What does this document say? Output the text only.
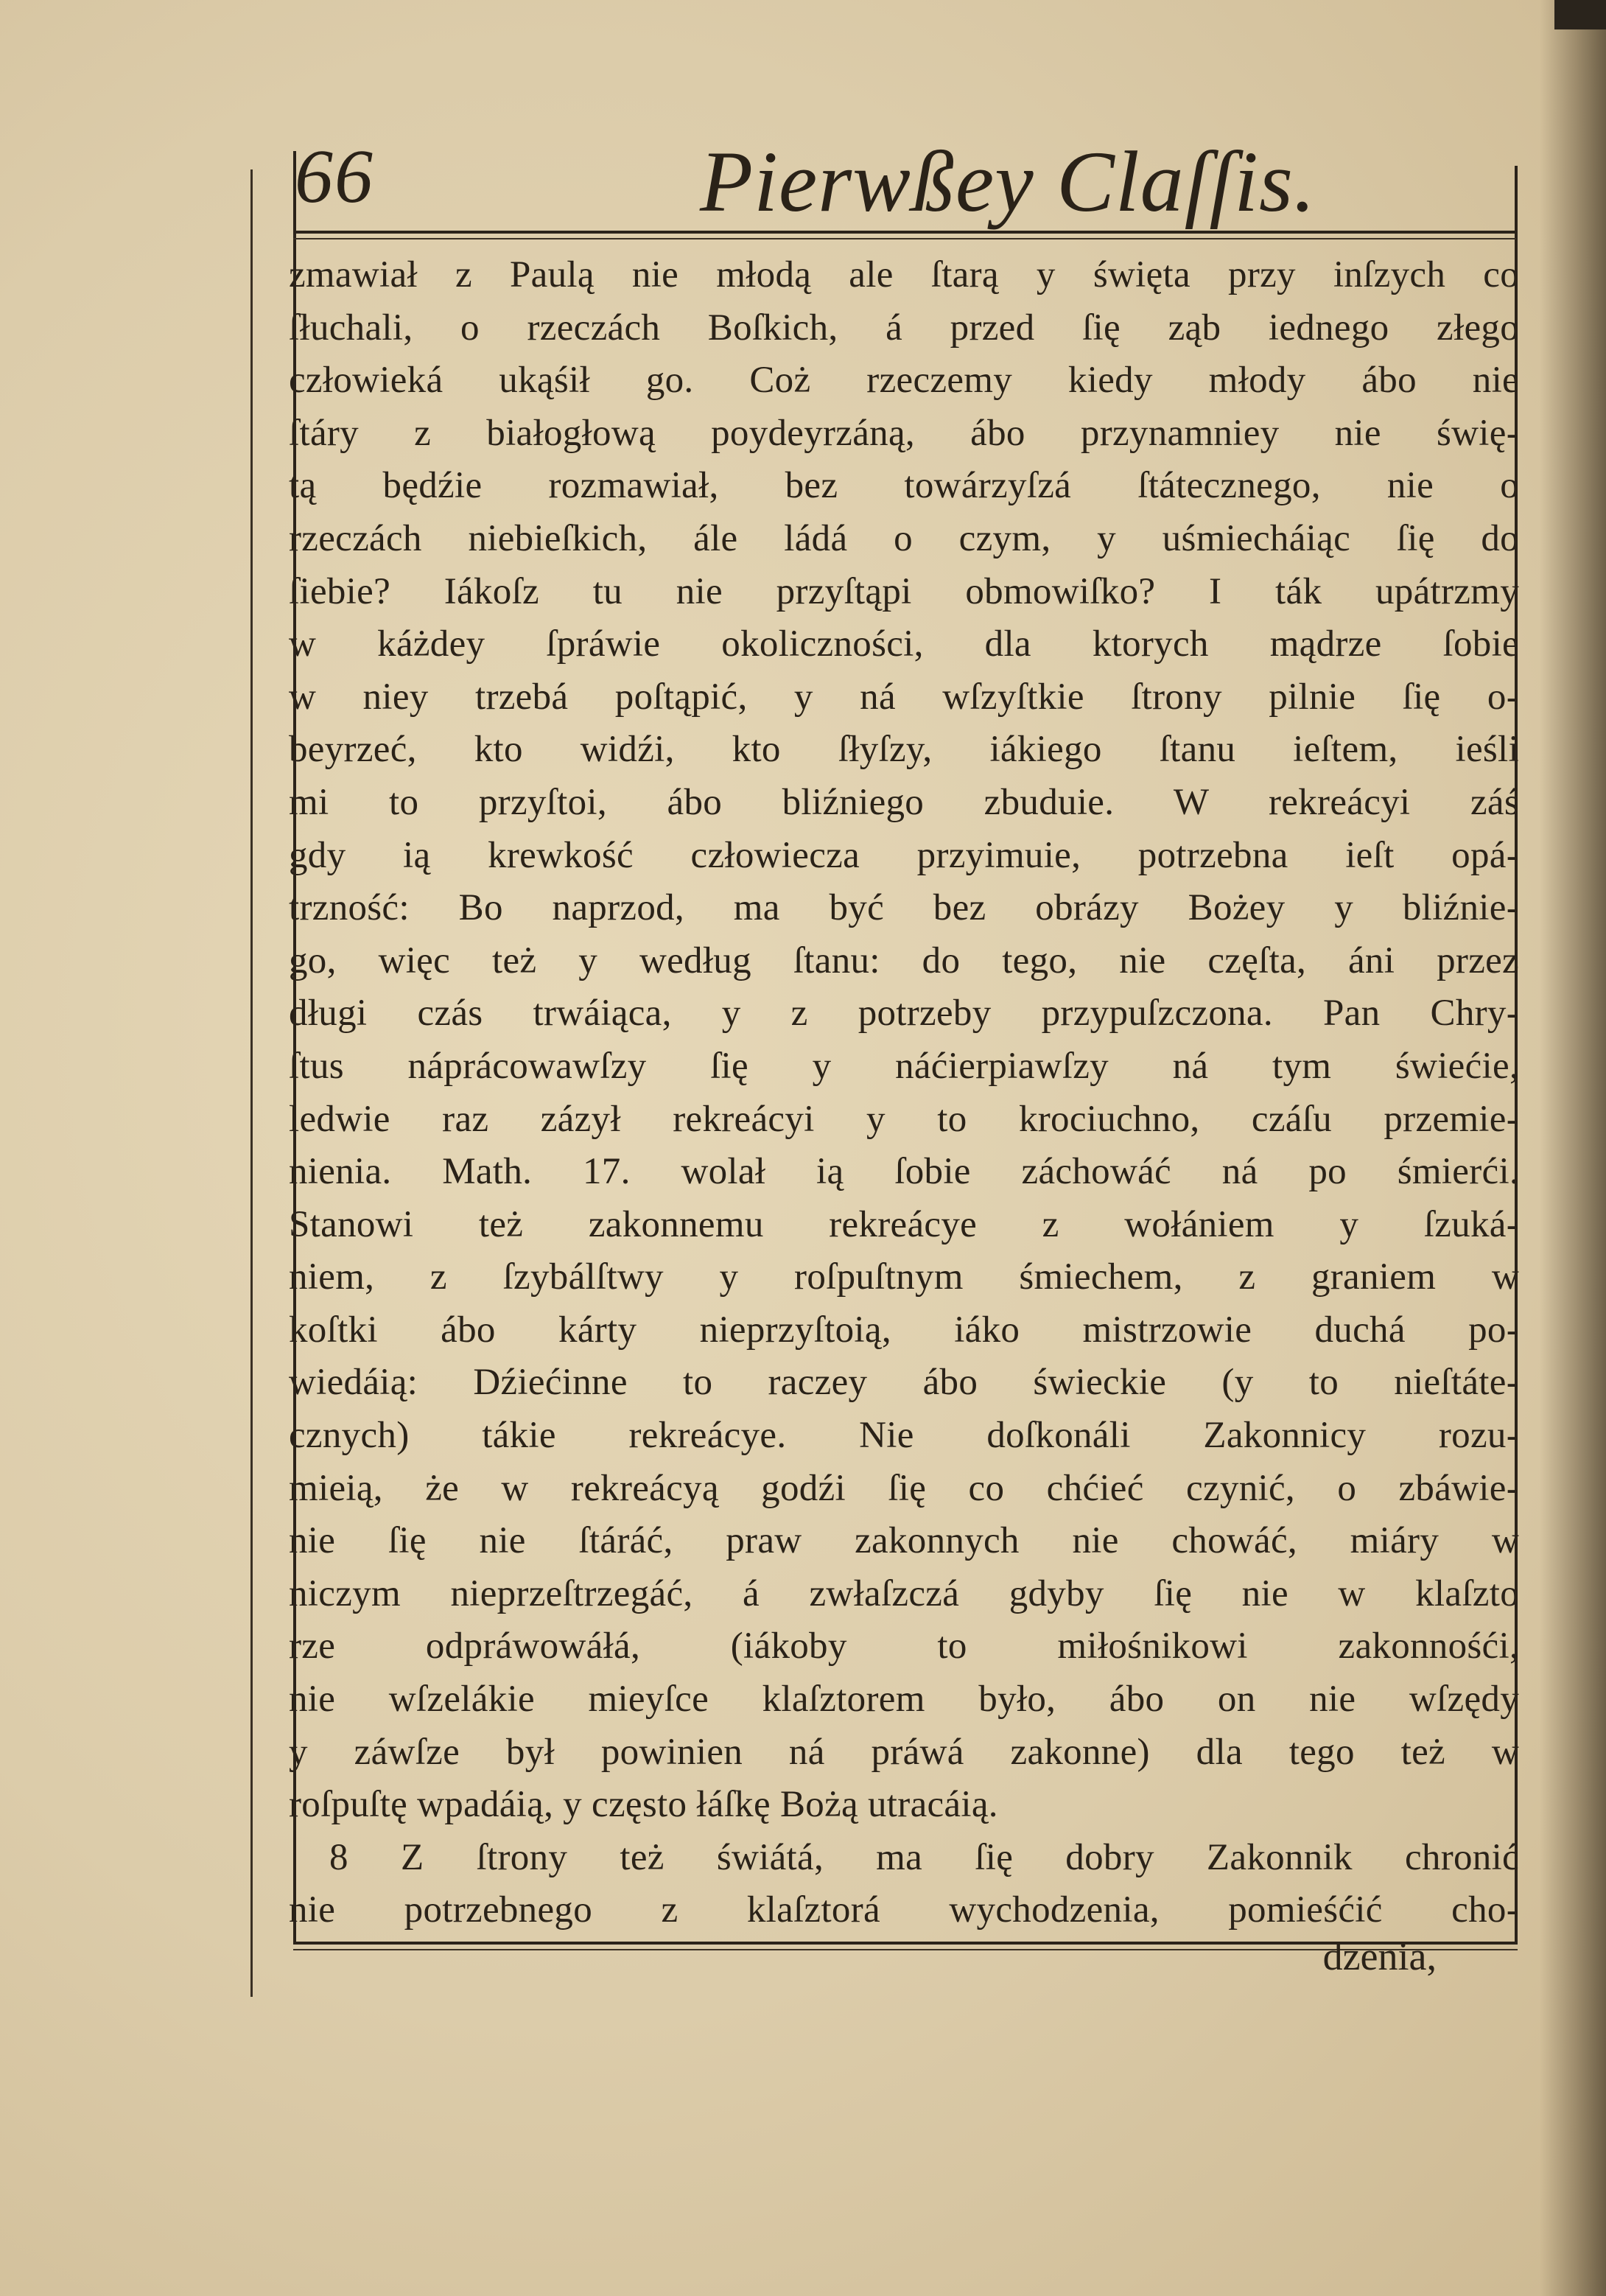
66	Pierwßey Claſſis.
zmawiał z Paulą nie młodą ale ſtarą y święta przy inſzych co
ſłuchali, o rzeczách Boſkich, á przed ſię ząb iednego złego
człowieká ukąśił go. Coż rzeczemy kiedy młody ábo nie
ſtáry z białogłową poydeyrzáną, ábo przynamniey nie świę-
tą będźie rozmawiał, bez towárzyſzá ſtátecznego, nie o
rzeczách niebieſkich, ále ládá o czym, y uśmiecháiąc ſię do
ſiebie? Iákoſz tu nie przyſtąpi obmowiſko? I ták upátrzmy
w káżdey ſpráwie okoliczności, dla ktorych mądrze ſobie
w niey trzebá poſtąpić, y ná wſzyſtkie ſtrony pilnie ſię o-
beyrzeć, kto widźi, kto ſłyſzy, iákiego ſtanu ieſtem, ieśli
mi to przyſtoi, ábo bliźniego zbuduie. W rekreácyi záś
gdy ią krewkość człowiecza przyimuie, potrzebna ieſt opá-
trzność: Bo naprzod, ma być bez obrázy Bożey y bliźnie-
go, więc też y według ſtanu: do tego, nie częſta, áni przez
długi czás trwáiąca, y z potrzeby przypuſzczona. Pan Chry-
ſtus náprácowawſzy ſię y náćierpiawſzy ná tym świećie,
ledwie raz zázył rekreácyi y to krociuchno, czáſu przemie-
nienia. Math. 17. wolał ią ſobie záchowáć ná po śmierći.
Stanowi też zakonnemu rekreácye z wołániem y ſzuká-
niem, z ſzybálſtwy y roſpuſtnym śmiechem, z graniem w
koſtki ábo kárty nieprzyſtoią, iáko mistrzowie duchá po-
wiedáią: Dźiećinne to raczey ábo świeckie (y to nieſtáte-
cznych) tákie rekreácye. Nie doſkonáli Zakonnicy rozu-
mieią, że w rekreácyą godźi ſię co chćieć czynić, o zbáwie-
nie ſię nie ſtáráć, praw zakonnych nie chowáć, miáry w
niczym nieprzeſtrzegáć, á zwłaſzczá gdyby ſię nie w klaſzto
rze odpráwowáłá, (iákoby to miłośnikowi zakonnośći,
nie wſzelákie mieyſce klaſztorem było, ábo on nie wſzędy
y záwſze był powinien ná práwá zakonne) dla tego też w
roſpuſtę wpadáią, y często łáſkę Bożą utracáią.
8 Z ſtrony też świátá, ma ſię dobry Zakonnik chronić
nie potrzebnego z klaſztorá wychodzenia, pomieśćić cho-
dzenia,
